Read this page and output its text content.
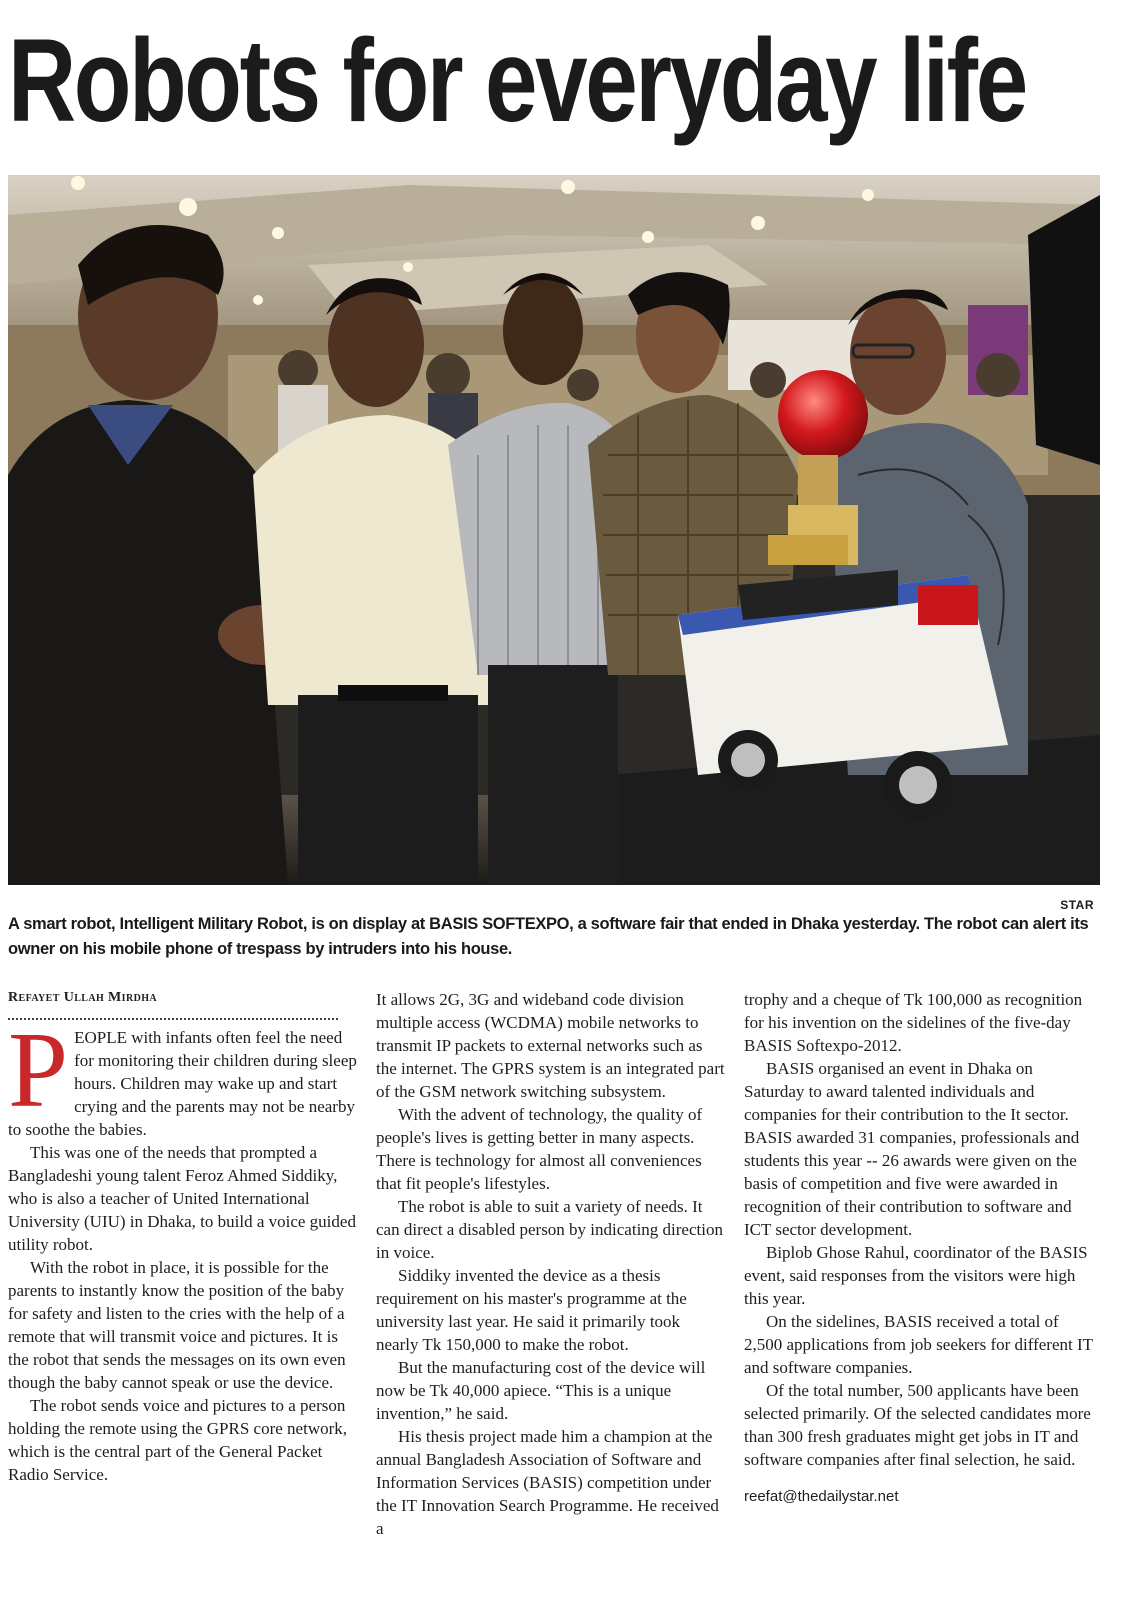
Robots for everyday life
STAR
A smart robot, Intelligent Military Robot, is on display at BASIS SOFTEXPO, a software fair that ended in Dhaka yesterday. The robot can alert its owner on his mobile phone of trespass by intruders into his house.
Refayet Ullah Mirdha

PEOPLE with infants often feel the need for monitoring their children during sleep hours. Children may wake up and start crying and the parents may not be nearby to soothe the babies.

This was one of the needs that prompted a Bangladeshi young talent Feroz Ahmed Siddiky, who is also a teacher of United International University (UIU) in Dhaka, to build a voice guided utility robot.

With the robot in place, it is possible for the parents to instantly know the position of the baby for safety and listen to the cries with the help of a remote that will transmit voice and pictures. It is the robot that sends the messages on its own even though the baby cannot speak or use the device.

The robot sends voice and pictures to a person holding the remote using the GPRS core network, which is the central part of the General Packet Radio Service.

It allows 2G, 3G and wideband code division multiple access (WCDMA) mobile networks to transmit IP packets to external networks such as the internet. The GPRS system is an integrated part of the GSM network switching subsystem.

With the advent of technology, the quality of people's lives is getting better in many aspects. There is technology for almost all conveniences that fit people's lifestyles.

The robot is able to suit a variety of needs. It can direct a disabled person by indicating direction in voice.

Siddiky invented the device as a thesis requirement on his master's programme at the university last year. He said it primarily took nearly Tk 150,000 to make the robot.

But the manufacturing cost of the device will now be Tk 40,000 apiece. “This is a unique invention,” he said.

His thesis project made him a champion at the annual Bangladesh Association of Software and Information Services (BASIS) competition under the IT Innovation Search Programme. He received a

trophy and a cheque of Tk 100,000 as recognition for his invention on the sidelines of the five-day BASIS Softexpo-2012.

BASIS organised an event in Dhaka on Saturday to award talented individuals and companies for their contribution to the It sector. BASIS awarded 31 companies, professionals and students this year -- 26 awards were given on the basis of competition and five were awarded in recognition of their contribution to software and ICT sector development.

Biplob Ghose Rahul, coordinator of the BASIS event, said responses from the visitors were high this year.

On the sidelines, BASIS received a total of 2,500 applications from job seekers for different IT and software companies.

Of the total number, 500 applicants have been selected primarily. Of the selected candidates more than 300 fresh graduates might get jobs in IT and software companies after final selection, he said.

reefat@thedailystar.net
